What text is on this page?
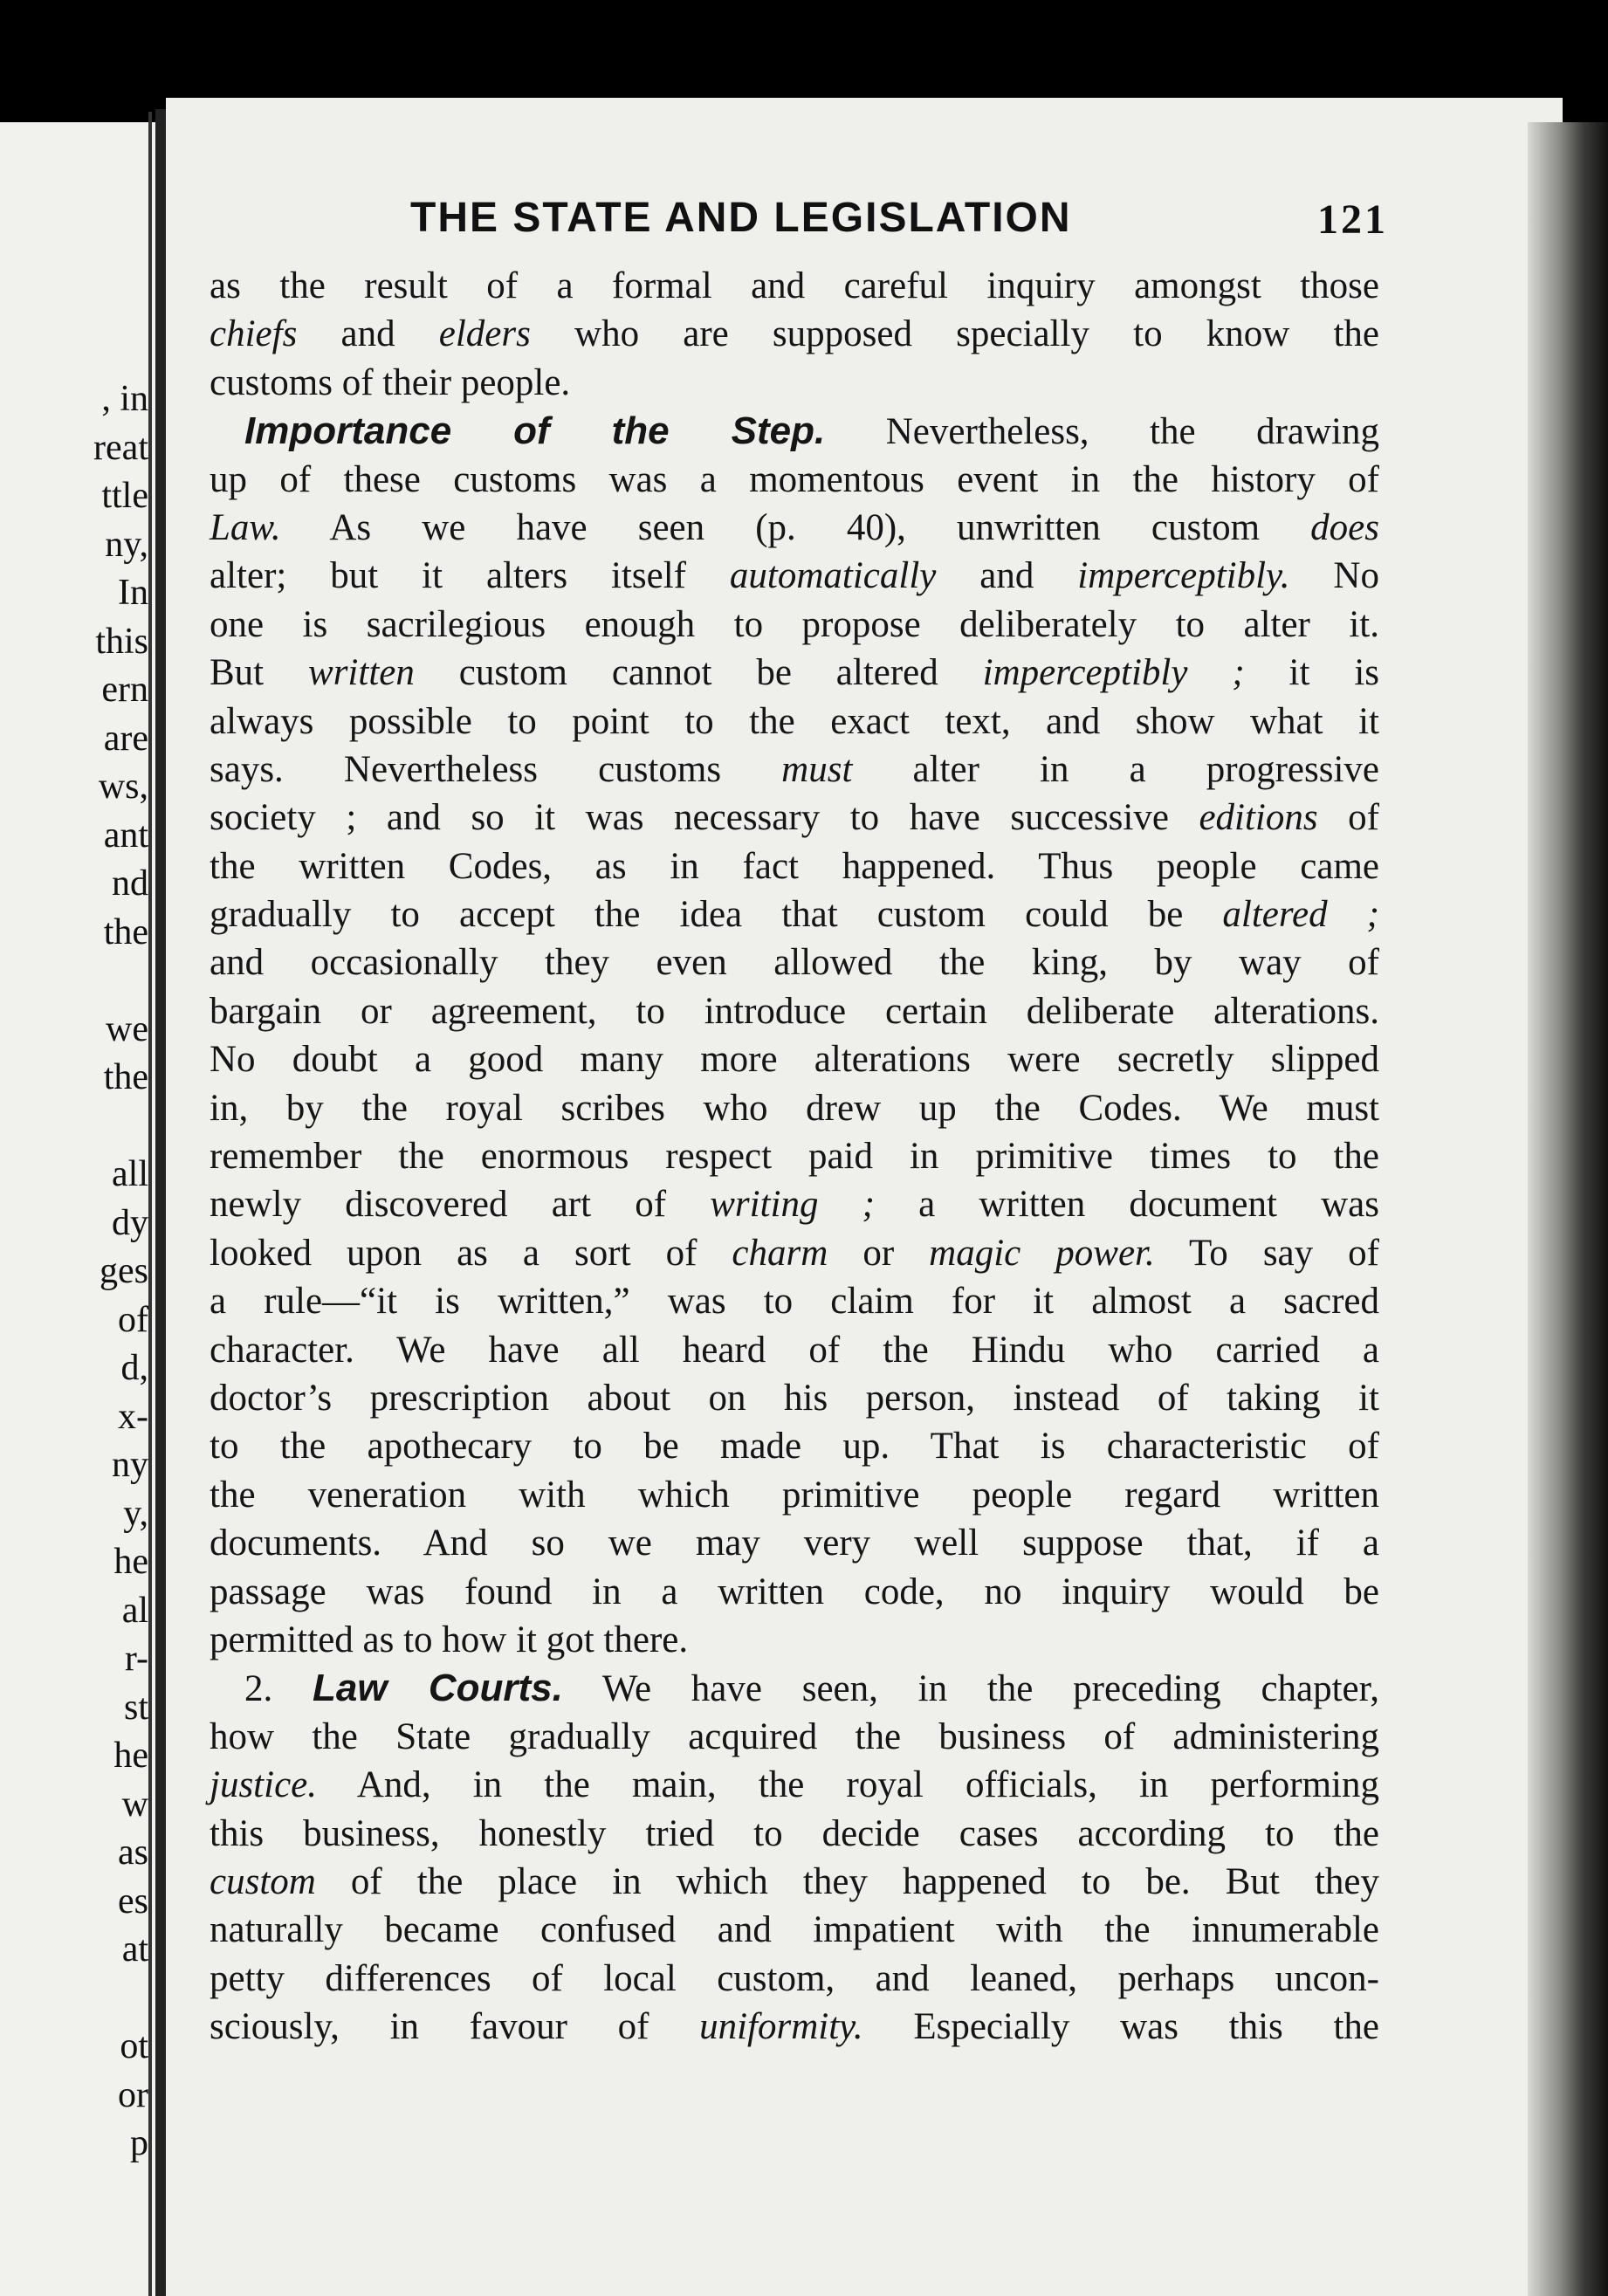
, in
reat
ttle
ny,
In
this
ern
are
ws,
ant
nd
the
we
the
all
dy
ges
of
d,
x-
ny
y,
he
al
r-
st
he
w
as
es
at
ot
or
p
THE STATE AND LEGISLATION	121
as the result of a formal and careful inquiry amongst those
chiefs and elders who are supposed specially to know the
customs of their people.
Importance of the Step. Nevertheless, the drawing
up of these customs was a momentous event in the history of
Law. As we have seen (p. 40), unwritten custom does
alter; but it alters itself automatically and imperceptibly. No
one is sacrilegious enough to propose deliberately to alter it.
But written custom cannot be altered imperceptibly ; it is
always possible to point to the exact text, and show what it
says. Nevertheless customs must alter in a progressive
society ; and so it was necessary to have successive editions of
the written Codes, as in fact happened. Thus people came
gradually to accept the idea that custom could be altered ;
and occasionally they even allowed the king, by way of
bargain or agreement, to introduce certain deliberate alterations.
No doubt a good many more alterations were secretly slipped
in, by the royal scribes who drew up the Codes. We must
remember the enormous respect paid in primitive times to the
newly discovered art of writing ; a written document was
looked upon as a sort of charm or magic power. To say of
a rule—“it is written,” was to claim for it almost a sacred
character. We have all heard of the Hindu who carried a
doctor’s prescription about on his person, instead of taking it
to the apothecary to be made up. That is characteristic of
the veneration with which primitive people regard written
documents. And so we may very well suppose that, if a
passage was found in a written code, no inquiry would be
permitted as to how it got there.
2. Law Courts. We have seen, in the preceding chapter,
how the State gradually acquired the business of administering
justice. And, in the main, the royal officials, in performing
this business, honestly tried to decide cases according to the
custom of the place in which they happened to be. But they
naturally became confused and impatient with the innumerable
petty differences of local custom, and leaned, perhaps uncon-
sciously, in favour of uniformity. Especially was this the
